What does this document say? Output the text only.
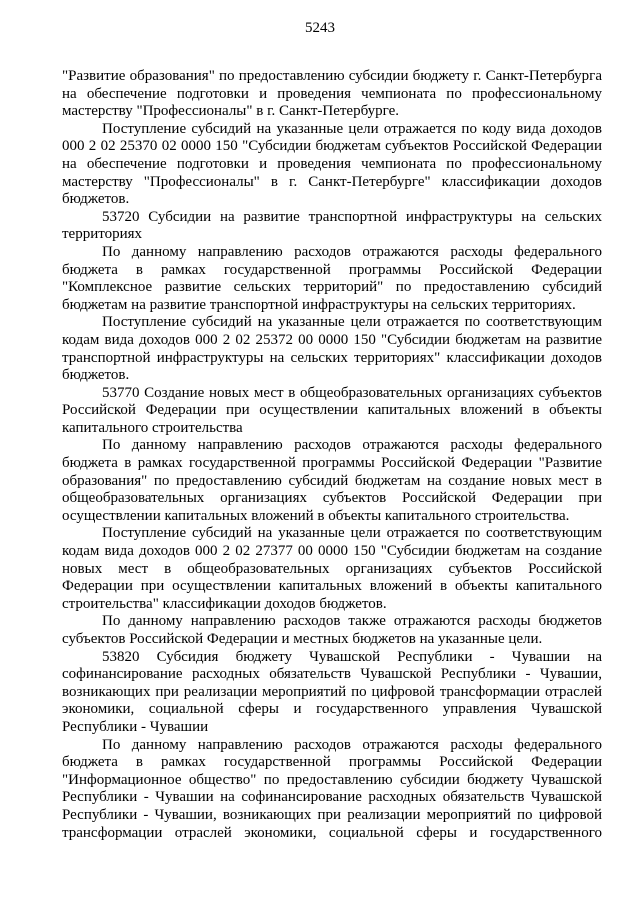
5243

"Развитие образования" по предоставлению субсидии бюджету г. Санкт-Петербурга на обеспечение подготовки и проведения чемпионата по профессиональному мастерству "Профессионалы" в г. Санкт-Петербурге.

Поступление субсидий на указанные цели отражается по коду вида доходов 000 2 02 25370 02 0000 150 "Субсидии бюджетам субъектов Российской Федерации на обеспечение подготовки и проведения чемпионата по профессиональному мастерству "Профессионалы" в г. Санкт-Петербурге" классификации доходов бюджетов.

53720 Субсидии на развитие транспортной инфраструктуры на сельских территориях

По данному направлению расходов отражаются расходы федерального бюджета в рамках государственной программы Российской Федерации "Комплексное развитие сельских территорий" по предоставлению субсидий бюджетам на развитие транспортной инфраструктуры на сельских территориях.

Поступление субсидий на указанные цели отражается по соответствующим кодам вида доходов 000 2 02 25372 00 0000 150 "Субсидии бюджетам на развитие транспортной инфраструктуры на сельских территориях" классификации доходов бюджетов.

53770 Создание новых мест в общеобразовательных организациях субъектов Российской Федерации при осуществлении капитальных вложений в объекты капитального строительства

По данному направлению расходов отражаются расходы федерального бюджета в рамках государственной программы Российской Федерации "Развитие образования" по предоставлению субсидий бюджетам на создание новых мест в общеобразовательных организациях субъектов Российской Федерации при осуществлении капитальных вложений в объекты капитального строительства.

Поступление субсидий на указанные цели отражается по соответствующим кодам вида доходов 000 2 02 27377 00 0000 150 "Субсидии бюджетам на создание новых мест в общеобразовательных организациях субъектов Российской Федерации при осуществлении капитальных вложений в объекты капитального строительства" классификации доходов бюджетов.

По данному направлению расходов также отражаются расходы бюджетов субъектов Российской Федерации и местных бюджетов на указанные цели.

53820 Субсидия бюджету Чувашской Республики - Чувашии на софинансирование расходных обязательств Чувашской Республики - Чувашии, возникающих при реализации мероприятий по цифровой трансформации отраслей экономики, социальной сферы и государственного управления Чувашской Республики - Чувашии

По данному направлению расходов отражаются расходы федерального бюджета в рамках государственной программы Российской Федерации "Информационное общество" по предоставлению субсидии бюджету Чувашской Республики - Чувашии на софинансирование расходных обязательств Чувашской Республики - Чувашии, возникающих при реализации мероприятий по цифровой трансформации отраслей экономики, социальной сферы и государственного
